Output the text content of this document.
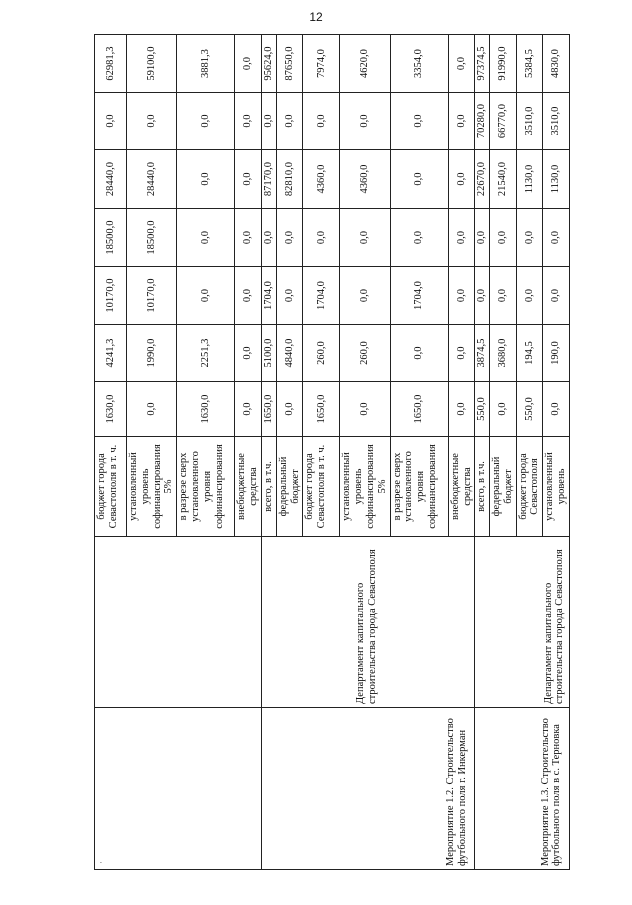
12
·
		бюджет города Севастополя в т. ч.	1630,0	4241,3	10170,0	18500,0	28440,0	0,0	62981,3
		установленный уровень софинансирования 5%	0,0	1990,0	10170,0	18500,0	28440,0	0,0	59100,0
		в разрезе сверх установленного уровня софинансирования	1630,0	2251,3	0,0	0,0	0,0	0,0	3881,3
		внебюджетные средства	0,0	0,0	0,0	0,0	0,0	0,0	0,0
Мероприятие 1.2. Строительство футбольного поля г. Инкерман	Департамент капитального строительства города Севастополя	всего, в т.ч.	1650,0	5100,0	1704,0	0,0	87170,0	0,0	95624,0
		федеральный бюджет	0,0	4840,0	0,0	0,0	82810,0	0,0	87650,0
		бюджет города Севастополя в т. ч.	1650,0	260,0	1704,0	0,0	4360,0	0,0	7974,0
		установленный уровень софинансирования 5%	0,0	260,0	0,0	0,0	4360,0	0,0	4620,0
		в разрезе сверх установленного уровня софинансирования	1650,0	0,0	1704,0	0,0	0,0	0,0	3354,0
		внебюджетные средства	0,0	0,0	0,0	0,0	0,0	0,0	0,0
Мероприятие 1.3. Строительство футбольного поля в с. Терновка	Департамент капитального строительства города Севастополя	всего, в т.ч.	550,0	3874,5	0,0	0,0	22670,0	70280,0	97374,5
		федеральный бюджет	0,0	3680,0	0,0	0,0	21540,0	66770,0	91990,0
		бюджет города Севастополя	550,0	194,5	0,0	0,0	1130,0	3510,0	5384,5
		установленный уровень	0,0	190,0	0,0	0,0	1130,0	3510,0	4830,0
